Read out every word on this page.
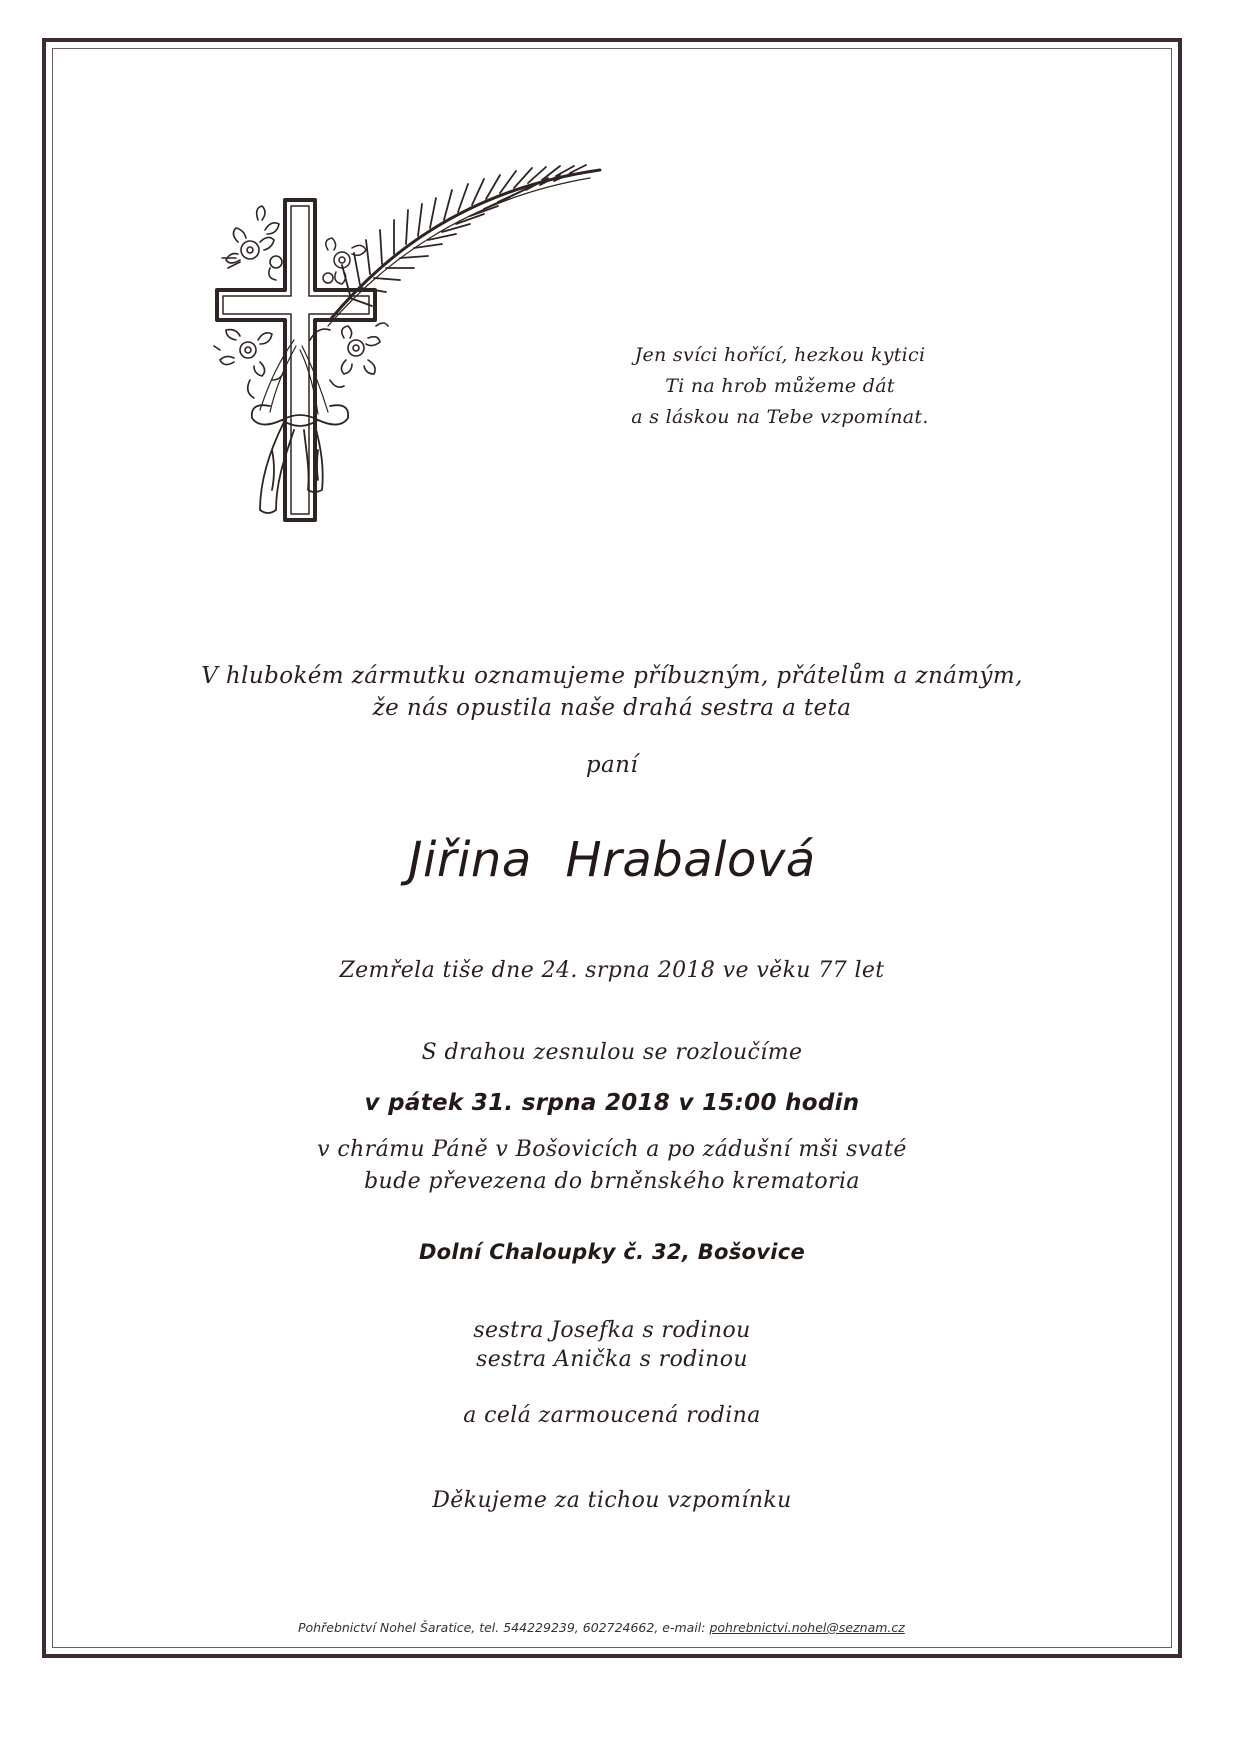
Jen svíci hořící, hezkou kytici
Ti na hrob můžeme dát
a s láskou na Tebe vzpomínat.
V hlubokém zármutku oznamujeme příbuzným, přátelům a známým,
že nás opustila naše drahá sestra a teta
paní
Jiřina Hrabalová
Zemřela tiše dne 24. srpna 2018 ve věku 77 let
S drahou zesnulou se rozloučíme
v pátek 31. srpna 2018 v 15:00 hodin
v chrámu Páně v Bošovicích a po zádušní mši svaté
bude převezena do brněnského krematoria
Dolní Chaloupky č. 32, Bošovice
sestra Josefka s rodinou
sestra Anička s rodinou
a celá zarmoucená rodina
Děkujeme za tichou vzpomínku
Pohřebnictví Nohel Šaratice, tel. 544229239, 602724662, e-mail: pohrebnictvi.nohel@seznam.cz
